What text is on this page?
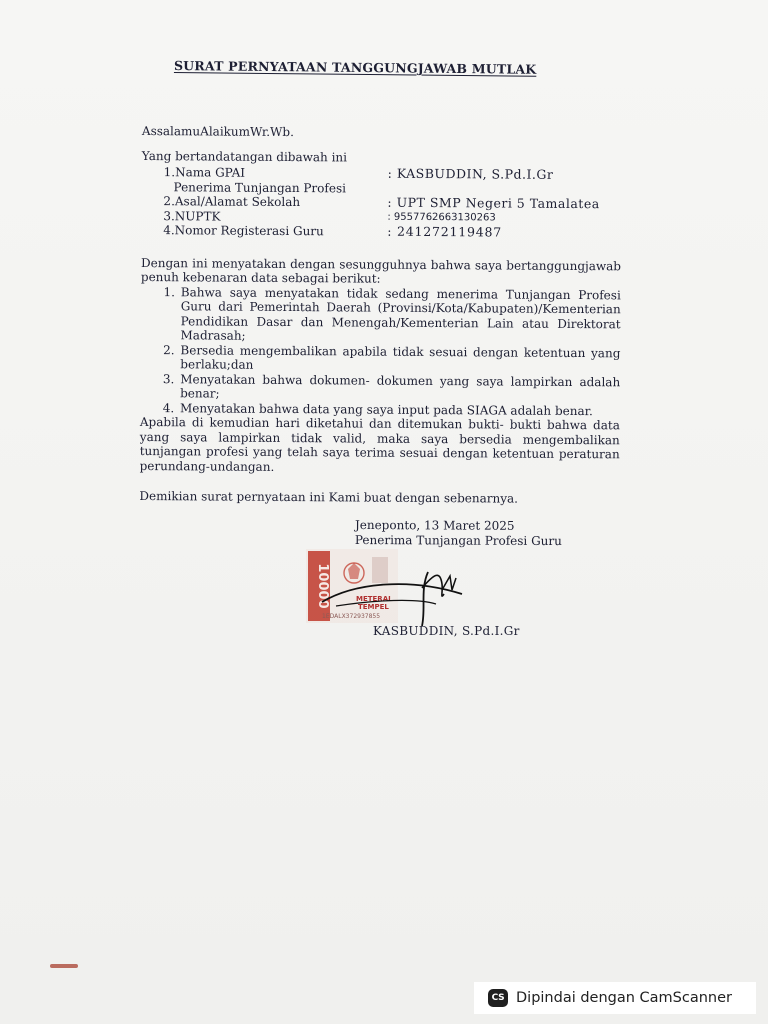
SURAT PERNYATAAN TANGGUNGJAWAB MUTLAK

AssalamuAlaikumWr.Wb.

Yang bertandatangan dibawah ini

1.Nama GPAI	: KASBUDDIN, S.Pd.I.Gr
Penerima Tunjangan Profesi
2.Asal/Alamat Sekolah	: UPT SMP Negeri 5 Tamalatea
3.NUPTK	: 9557762663130263
4.Nomor Registerasi Guru	: 241272119487

Dengan ini menyatakan dengan sesungguhnya bahwa saya bertanggungjawab penuh kebenaran data sebagai berikut:

1. Bahwa saya menyatakan tidak sedang menerima Tunjangan Profesi Guru dari Pemerintah Daerah (Provinsi/Kota/Kabupaten)/Kementerian Pendidikan Dasar dan Menengah/Kementerian Lain atau Direktorat Madrasah;
2. Bersedia mengembalikan apabila tidak sesuai dengan ketentuan yang berlaku;dan
3. Menyatakan bahwa dokumen- dokumen yang saya lampirkan adalah benar;
4. Menyatakan bahwa data yang saya input pada SIAGA adalah benar.

Apabila di kemudian hari diketahui dan ditemukan bukti- bukti bahwa data yang saya lampirkan tidak valid, maka saya bersedia mengembalikan tunjangan profesi yang telah saya terima sesuai dengan ketentuan peraturan perundang-undangan.

Demikian surat pernyataan ini Kami buat dengan sebenarnya.

Jeneponto, 13 Maret 2025
Penerima Tunjangan Profesi Guru
10000	METERAI
TEMPEL
1EDALX372937855
KASBUDDIN, S.Pd.I.Gr
CS Dipindai dengan CamScanner
